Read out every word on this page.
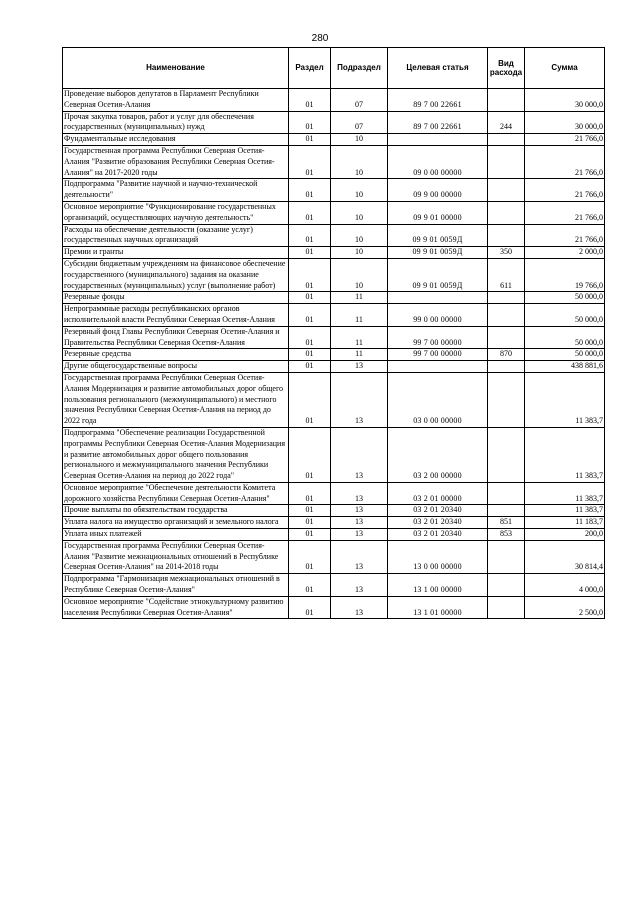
280
Наименование	Раздел	Подраздел	Целевая статья	Вид расхода	Сумма
Проведение выборов депутатов в Парламент Республики Северная Осетия-Алания	01	07	89 7 00 22661		30 000,0
Прочая закупка товаров, работ и услуг для обеспечения государственных (муниципальных) нужд	01	07	89 7 00 22661	244	30 000,0
Фундаментальные исследования	01	10			21 766,0
Государственная программа Республики Северная Осетия-Алания "Развитие образования Республики Северная Осетия-Алания" на 2017-2020 годы	01	10	09 0 00 00000		21 766,0
Подпрограмма "Развитие научной и научно-технической деятельности"	01	10	09 9 00 00000		21 766,0
Основное мероприятие "Функционирование государственных организаций, осуществляющих научную деятельность"	01	10	09 9 01 00000		21 766,0
Расходы на обеспечение деятельности (оказание услуг) государственных научных организаций	01	10	09 9 01 0059Д		21 766,0
Премии и гранты	01	10	09 9 01 0059Д	350	2 000,0
Субсидии бюджетным учреждениям на финансовое обеспечение государственного (муниципального) задания на оказание государственных (муниципальных) услуг (выполнение работ)	01	10	09 9 01 0059Д	611	19 766,0
Резервные фонды	01	11			50 000,0
Непрограммные расходы республиканских органов исполнительной власти Республики Северная Осетия-Алания	01	11	99 0 00 00000		50 000,0
Резервный фонд Главы Республики Северная Осетия-Алания и Правительства Республики Северная Осетия-Алания	01	11	99 7 00 00000		50 000,0
Резервные средства	01	11	99 7 00 00000	870	50 000,0
Другие общегосударственные вопросы	01	13			438 881,6
Государственная программа Республики Северная Осетия-Алания Модернизация и развитие автомобильных дорог общего пользования регионального (межмуниципального) и местного значения Республики Северная Осетия-Алания на период до 2022 года	01	13	03 0 00 00000		11 383,7
Подпрограмма "Обеспечение реализации Государственной программы Республики Северная Осетия-Алания Модернизация и развитие автомобильных дорог общего пользования регионального и межмуниципального значения Республики Северная Осетия-Алания на период до 2022 года"	01	13	03 2 00 00000		11 383,7
Основное мероприятие "Обеспечение деятельности Комитета дорожного хозяйства Республики Северная Осетия-Алания"	01	13	03 2 01 00000		11 383,7
Прочие выплаты по обязательствам государства	01	13	03 2 01 20340		11 383,7
Уплата налога на имущество организаций и земельного налога	01	13	03 2 01 20340	851	11 183,7
Уплата иных платежей	01	13	03 2 01 20340	853	200,0
Государственная программа Республики Северная Осетия-Алания "Развитие межнациональных отношений в Республике Северная Осетия-Алания" на 2014-2018 годы	01	13	13 0 00 00000		30 814,4
Подпрограмма "Гармонизация межнациональных отношений в Республике Северная Осетия-Алания"	01	13	13 1 00 00000		4 000,0
Основное мероприятие "Содействие этнокультурному развитию населения Республики Северная Осетия-Алания"	01	13	13 1 01 00000		2 500,0
